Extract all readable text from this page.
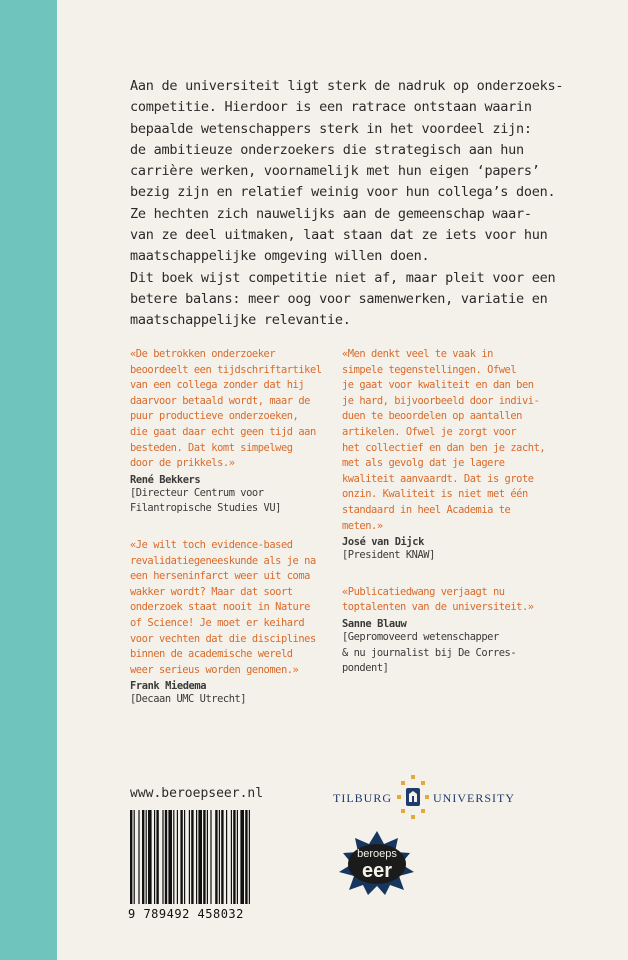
Aan de universiteit ligt sterk de nadruk op onderzoeks-

competitie. Hierdoor is een ratrace ontstaan waarin

bepaalde wetenschappers sterk in het voordeel zijn:

de ambitieuze onderzoekers die strategisch aan hun

carrière werken, voornamelijk met hun eigen ‘papers’

bezig zijn en relatief weinig voor hun collega’s doen.

Ze hechten zich nauwelijks aan de gemeenschap waar-

van ze deel uitmaken, laat staan dat ze iets voor hun

maatschappelijke omgeving willen doen.

Dit boek wijst competitie niet af, maar pleit voor een

betere balans: meer oog voor samenwerken, variatie en

maatschappelijke relevantie.

«De betrokken onderzoeker
beoordeelt een tijdschriftartikel
van een collega zonder dat hij
daarvoor betaald wordt, maar de
puur productieve onderzoeken,
die gaat daar echt geen tijd aan
besteden. Dat komt simpelweg
door de prikkels.»
René Bekkers
[Directeur Centrum voor
Filantropische Studies VU]
«Je wilt toch evidence-based
revalidatiegeneeskunde als je na
een herseninfarct weer uit coma
wakker wordt? Maar dat soort
onderzoek staat nooit in Nature
of Science! Je moet er keihard
voor vechten dat die disciplines
binnen de academische wereld
weer serieus worden genomen.»
Frank Miedema
[Decaan UMC Utrecht]
«Men denkt veel te vaak in
simpele tegenstellingen. Ofwel
je gaat voor kwaliteit en dan ben
je hard, bijvoorbeeld door indivi-
duen te beoordelen op aantallen
artikelen. Ofwel je zorgt voor
het collectief en dan ben je zacht,
met als gevolg dat je lagere
kwaliteit aanvaardt. Dat is grote
onzin. Kwaliteit is niet met één
standaard in heel Academia te
meten.»
José van Dijck
[President KNAW]
«Publicatiedwang verjaagt nu
toptalenten van de universiteit.»
Sanne Blauw
[Gepromoveerd wetenschapper
& nu journalist bij De Corres-
pondent]
www.beroepseer.nl
9 789492 458032
TILBURG	UNIVERSITY
beroeps
eer
